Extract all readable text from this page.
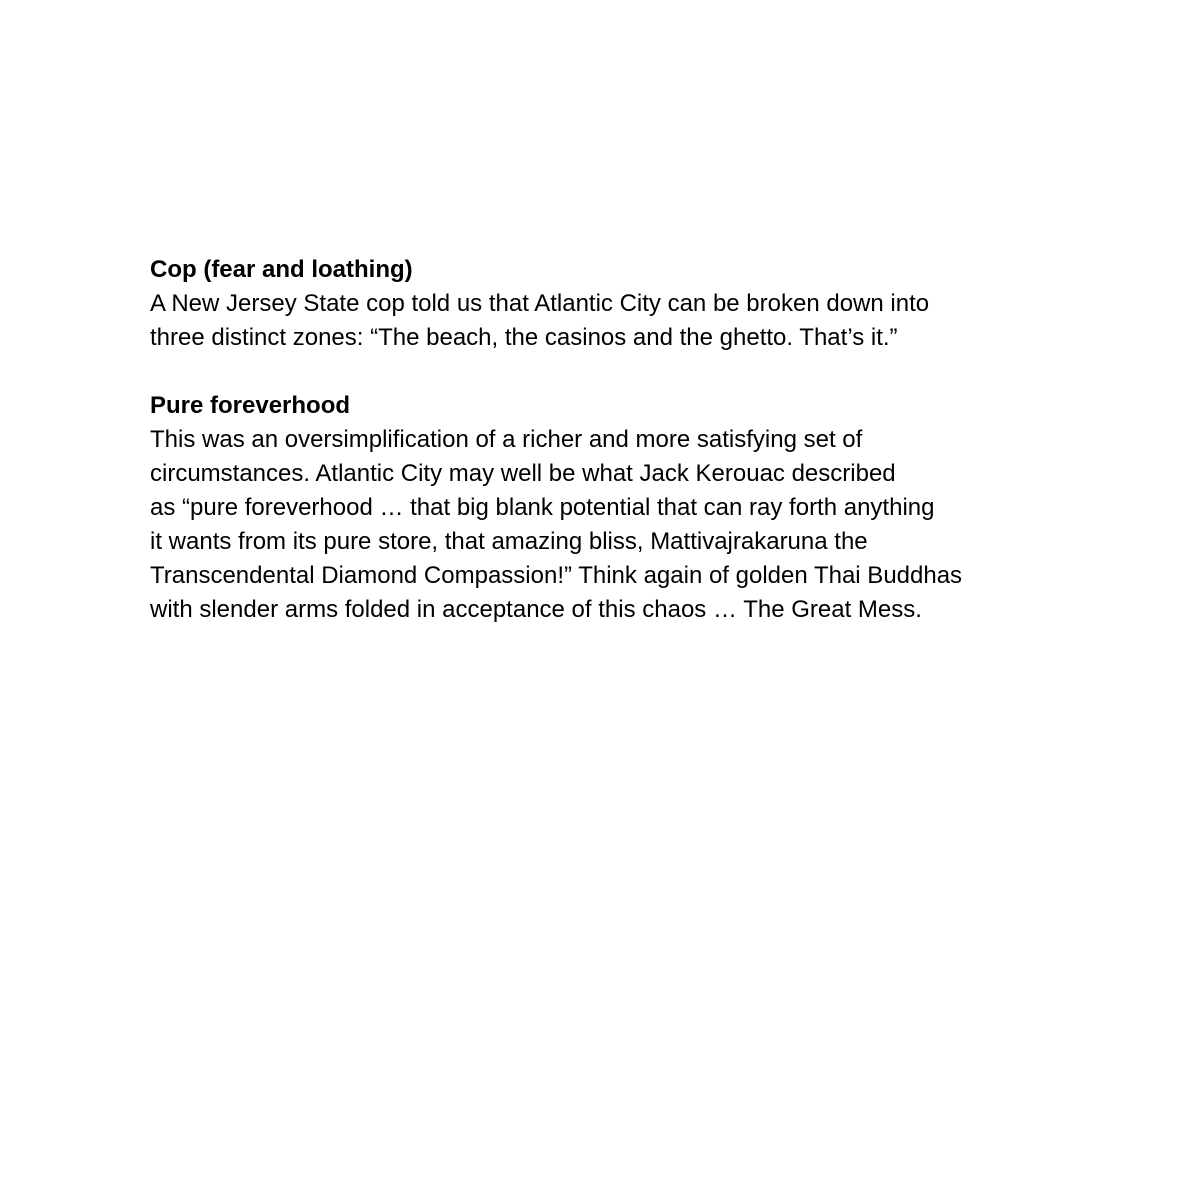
Cop (fear and loathing)

A New Jersey State cop told us that Atlantic City can be broken down into

three distinct zones: “The beach, the casinos and the ghetto. That’s it.”

Pure foreverhood

This was an oversimplification of a richer and more satisfying set of

circumstances. Atlantic City may well be what Jack Kerouac described

as “pure foreverhood … that big blank potential that can ray forth anything

it wants from its pure store, that amazing bliss, Mattivajrakaruna the

Transcendental Diamond Compassion!” Think again of golden Thai Buddhas

with slender arms folded in acceptance of this chaos … The Great Mess.
